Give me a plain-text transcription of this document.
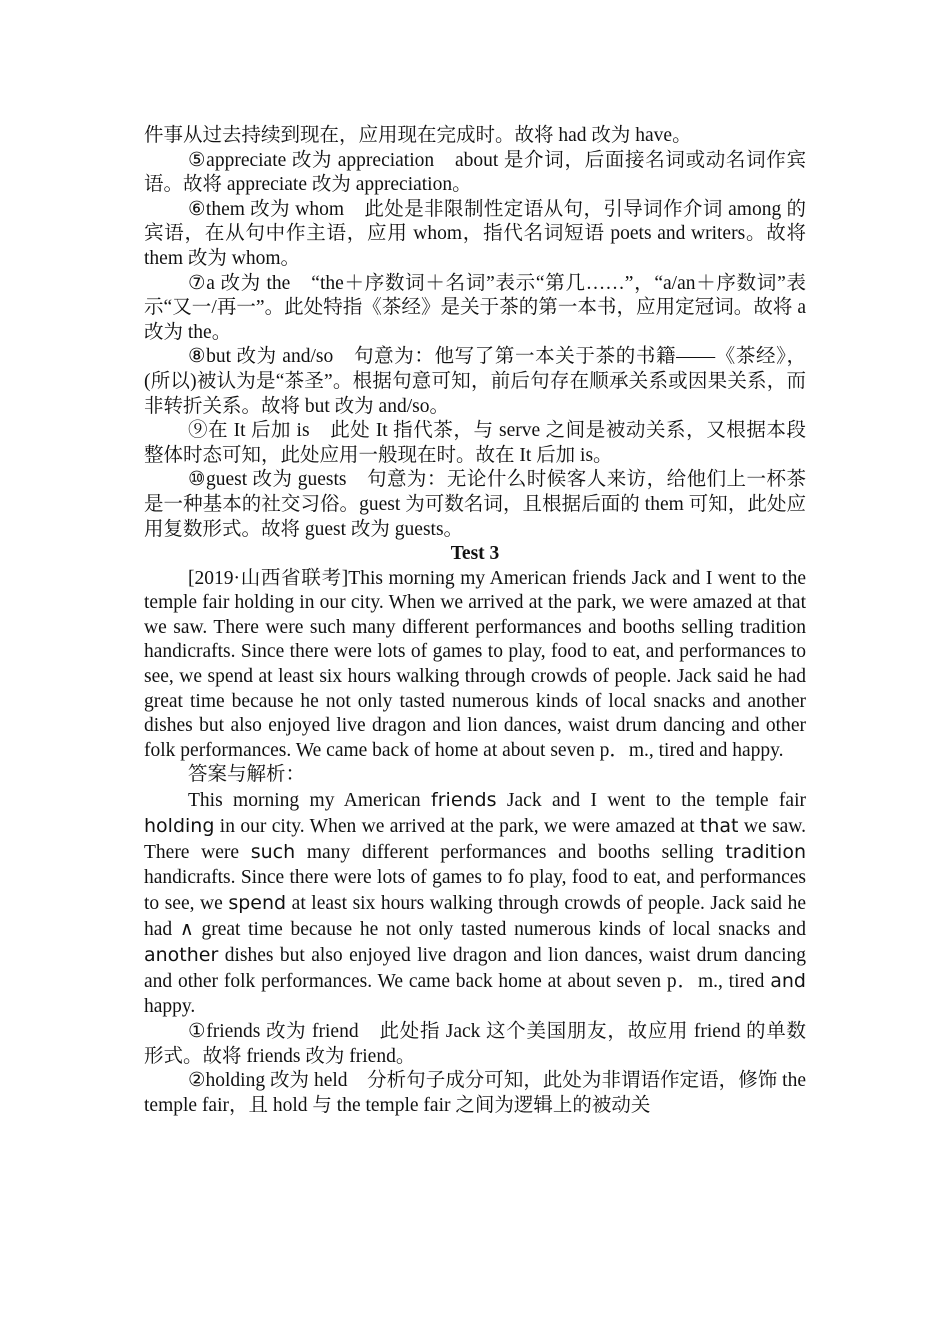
件事从过去持续到现在，应用现在完成时。故将 had 改为 have。

⑤appreciate 改为 appreciation　about 是介词，后面接名词或动名词作宾语。故将 appreciate 改为 appreciation。

⑥them 改为 whom　此处是非限制性定语从句，引导词作介词 among 的宾语，在从句中作主语，应用 whom，指代名词短语 poets and writers。故将 them 改为 whom。

⑦a 改为 the　“the＋序数词＋名词”表示“第几……”，“a/an＋序数词”表示“又一/再一”。此处特指《茶经》是关于茶的第一本书，应用定冠词。故将 a 改为 the。

⑧but 改为 and/so　句意为：他写了第一本关于茶的书籍——《茶经》，(所以)被认为是“茶圣”。根据句意可知，前后句存在顺承关系或因果关系，而非转折关系。故将 but 改为 and/so。

⑨在 It 后加 is　此处 It 指代茶，与 serve 之间是被动关系，又根据本段整体时态可知，此处应用一般现在时。故在 It 后加 is。

⑩guest 改为 guests　句意为：无论什么时候客人来访，给他们上一杯茶是一种基本的社交习俗。guest 为可数名词，且根据后面的 them 可知，此处应用复数形式。故将 guest 改为 guests。

Test 3

[2019·山西省联考]This morning my American friends Jack and I went to the temple fair holding in our city. When we arrived at the park, we were amazed at that we saw. There were such many different performances and booths selling tradition handicrafts. Since there were lots of games to play, food to eat, and performances to see, we spend at least six hours walking through crowds of people. Jack said he had great time because he not only tasted numerous kinds of local snacks and another dishes but also enjoyed live dragon and lion dances, waist drum dancing and other folk performances. We came back of home at about seven p．m., tired and happy.

答案与解析：

This morning my American friends Jack and I went to the temple fair holding in our city. When we arrived at the park, we were amazed at that we saw. There were such many different performances and booths selling tradition handicrafts. Since there were lots of games to fo play, food to eat, and performances to see, we spend at least six hours walking through crowds of people. Jack said he had ∧ great time because he not only tasted numerous kinds of local snacks and another dishes but also enjoyed live dragon and lion dances, waist drum dancing and other folk performances. We came back home at about seven p．m., tired and happy.

①friends 改为 friend　此处指 Jack 这个美国朋友，故应用 friend 的单数形式。故将 friends 改为 friend。

②holding 改为 held　分析句子成分可知，此处为非谓语作定语，修饰 the temple fair，且 hold 与 the temple fair 之间为逻辑上的被动关
